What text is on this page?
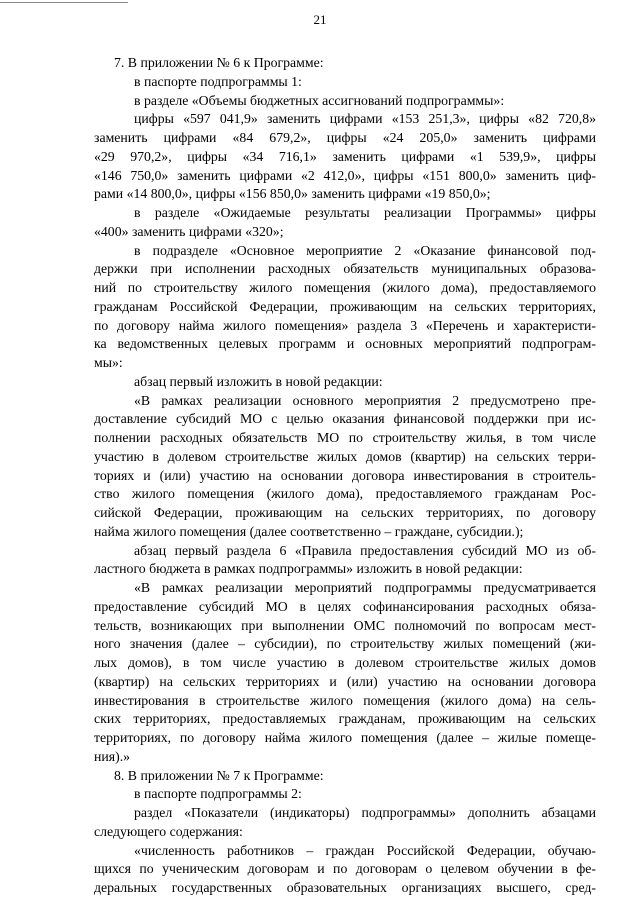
21
7. В приложении № 6 к Программе:
в паспорте подпрограммы 1:
в разделе «Объемы бюджетных ассигнований подпрограммы»:
цифры «597 041,9» заменить цифрами «153 251,3», цифры «82 720,8»
заменить цифрами «84 679,2», цифры «24 205,0» заменить цифрами
«29 970,2», цифры «34 716,1» заменить цифрами «1 539,9», цифры
«146 750,0» заменить цифрами «2 412,0», цифры «151 800,0» заменить циф-
рами «14 800,0», цифры «156 850,0» заменить цифрами «19 850,0»;
в разделе «Ожидаемые результаты реализации Программы» цифры
«400» заменить цифрами «320»;
в подразделе «Основное мероприятие 2 «Оказание финансовой под-
держки при исполнении расходных обязательств муниципальных образова-
ний по строительству жилого помещения (жилого дома), предоставляемого
гражданам Российской Федерации, проживающим на сельских территориях,
по договору найма жилого помещения» раздела 3 «Перечень и характеристи-
ка ведомственных целевых программ и основных мероприятий подпрограм-
мы»:
абзац первый изложить в новой редакции:
«В рамках реализации основного мероприятия 2 предусмотрено пре-
доставление субсидий МО с целью оказания финансовой поддержки при ис-
полнении расходных обязательств МО по строительству жилья, в том числе
участию в долевом строительстве жилых домов (квартир) на сельских терри-
ториях и (или) участию на основании договора инвестирования в строитель-
ство жилого помещения (жилого дома), предоставляемого гражданам Рос-
сийской Федерации, проживающим на сельских территориях, по договору
найма жилого помещения (далее соответственно – граждане, субсидии.);
абзац первый раздела 6 «Правила предоставления субсидий МО из об-
ластного бюджета в рамках подпрограммы» изложить в новой редакции:
«В рамках реализации мероприятий подпрограммы предусматривается
предоставление субсидий МО в целях софинансирования расходных обяза-
тельств, возникающих при выполнении ОМС полномочий по вопросам мест-
ного значения (далее – субсидии), по строительству жилых помещений (жи-
лых домов), в том числе участию в долевом строительстве жилых домов
(квартир) на сельских территориях и (или) участию на основании договора
инвестирования в строительстве жилого помещения (жилого дома) на сель-
ских территориях, предоставляемых гражданам, проживающим на сельских
территориях, по договору найма жилого помещения (далее – жилые помеще-
ния).»
8. В приложении № 7 к Программе:
в паспорте подпрограммы 2:
раздел «Показатели (индикаторы) подпрограммы» дополнить абзацами
следующего содержания:
«численность работников – граждан Российской Федерации, обучаю-
щихся по ученическим договорам и по договорам о целевом обучении в фе-
деральных государственных образовательных организациях высшего, сред-
